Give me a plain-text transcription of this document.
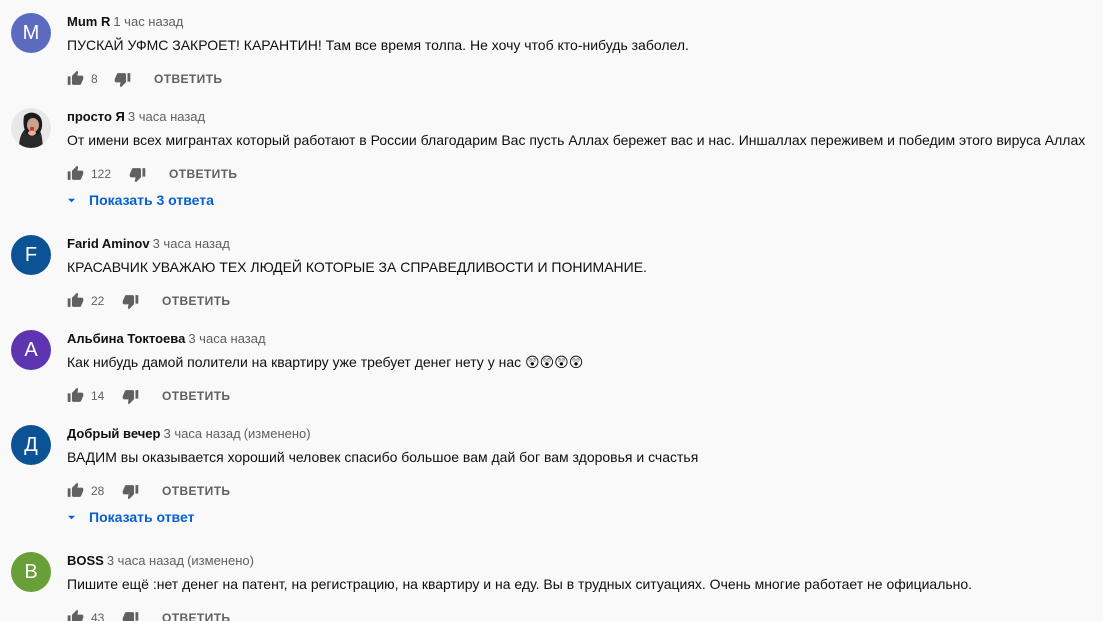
M
Mum R 1 час назад
ПУСКАЙ УФМС ЗАКРОЕТ! КАРАНТИН! Там все время толпа. Не хочу чтоб кто-нибудь заболел.
8	ОТВЕТИТЬ
просто Я 3 часа назад
От имени всех мигрантах который работают в России благодарим Вас пусть Аллах бережет вас и нас. Иншаллах переживем и победим этого вируса Аллах
122	ОТВЕТИТЬ
Показать 3 ответа
F
Farid Aminov 3 часа назад
КРАСАВЧИК УВАЖАЮ ТЕХ ЛЮДЕЙ КОТОРЫЕ ЗА СПРАВЕДЛИВОСТИ И ПОНИМАНИЕ.
22	ОТВЕТИТЬ
А
Альбина Токтоева 3 часа назад
Как нибудь дамой полители на квартиру уже требует денег нету у нас 😲😲😲😲
14	ОТВЕТИТЬ
Д
Добрый вечер 3 часа назад (изменено)
ВАДИМ вы оказывается хороший человек спасибо большое вам дай бог вам здоровья и счастья
28	ОТВЕТИТЬ
Показать ответ
B
BOSS 3 часа назад (изменено)
Пишите ещё :нет денег на патент, на регистрацию, на квартиру и на еду. Вы в трудных ситуациях. Очень многие работает не официально.
43	ОТВЕТИТЬ
